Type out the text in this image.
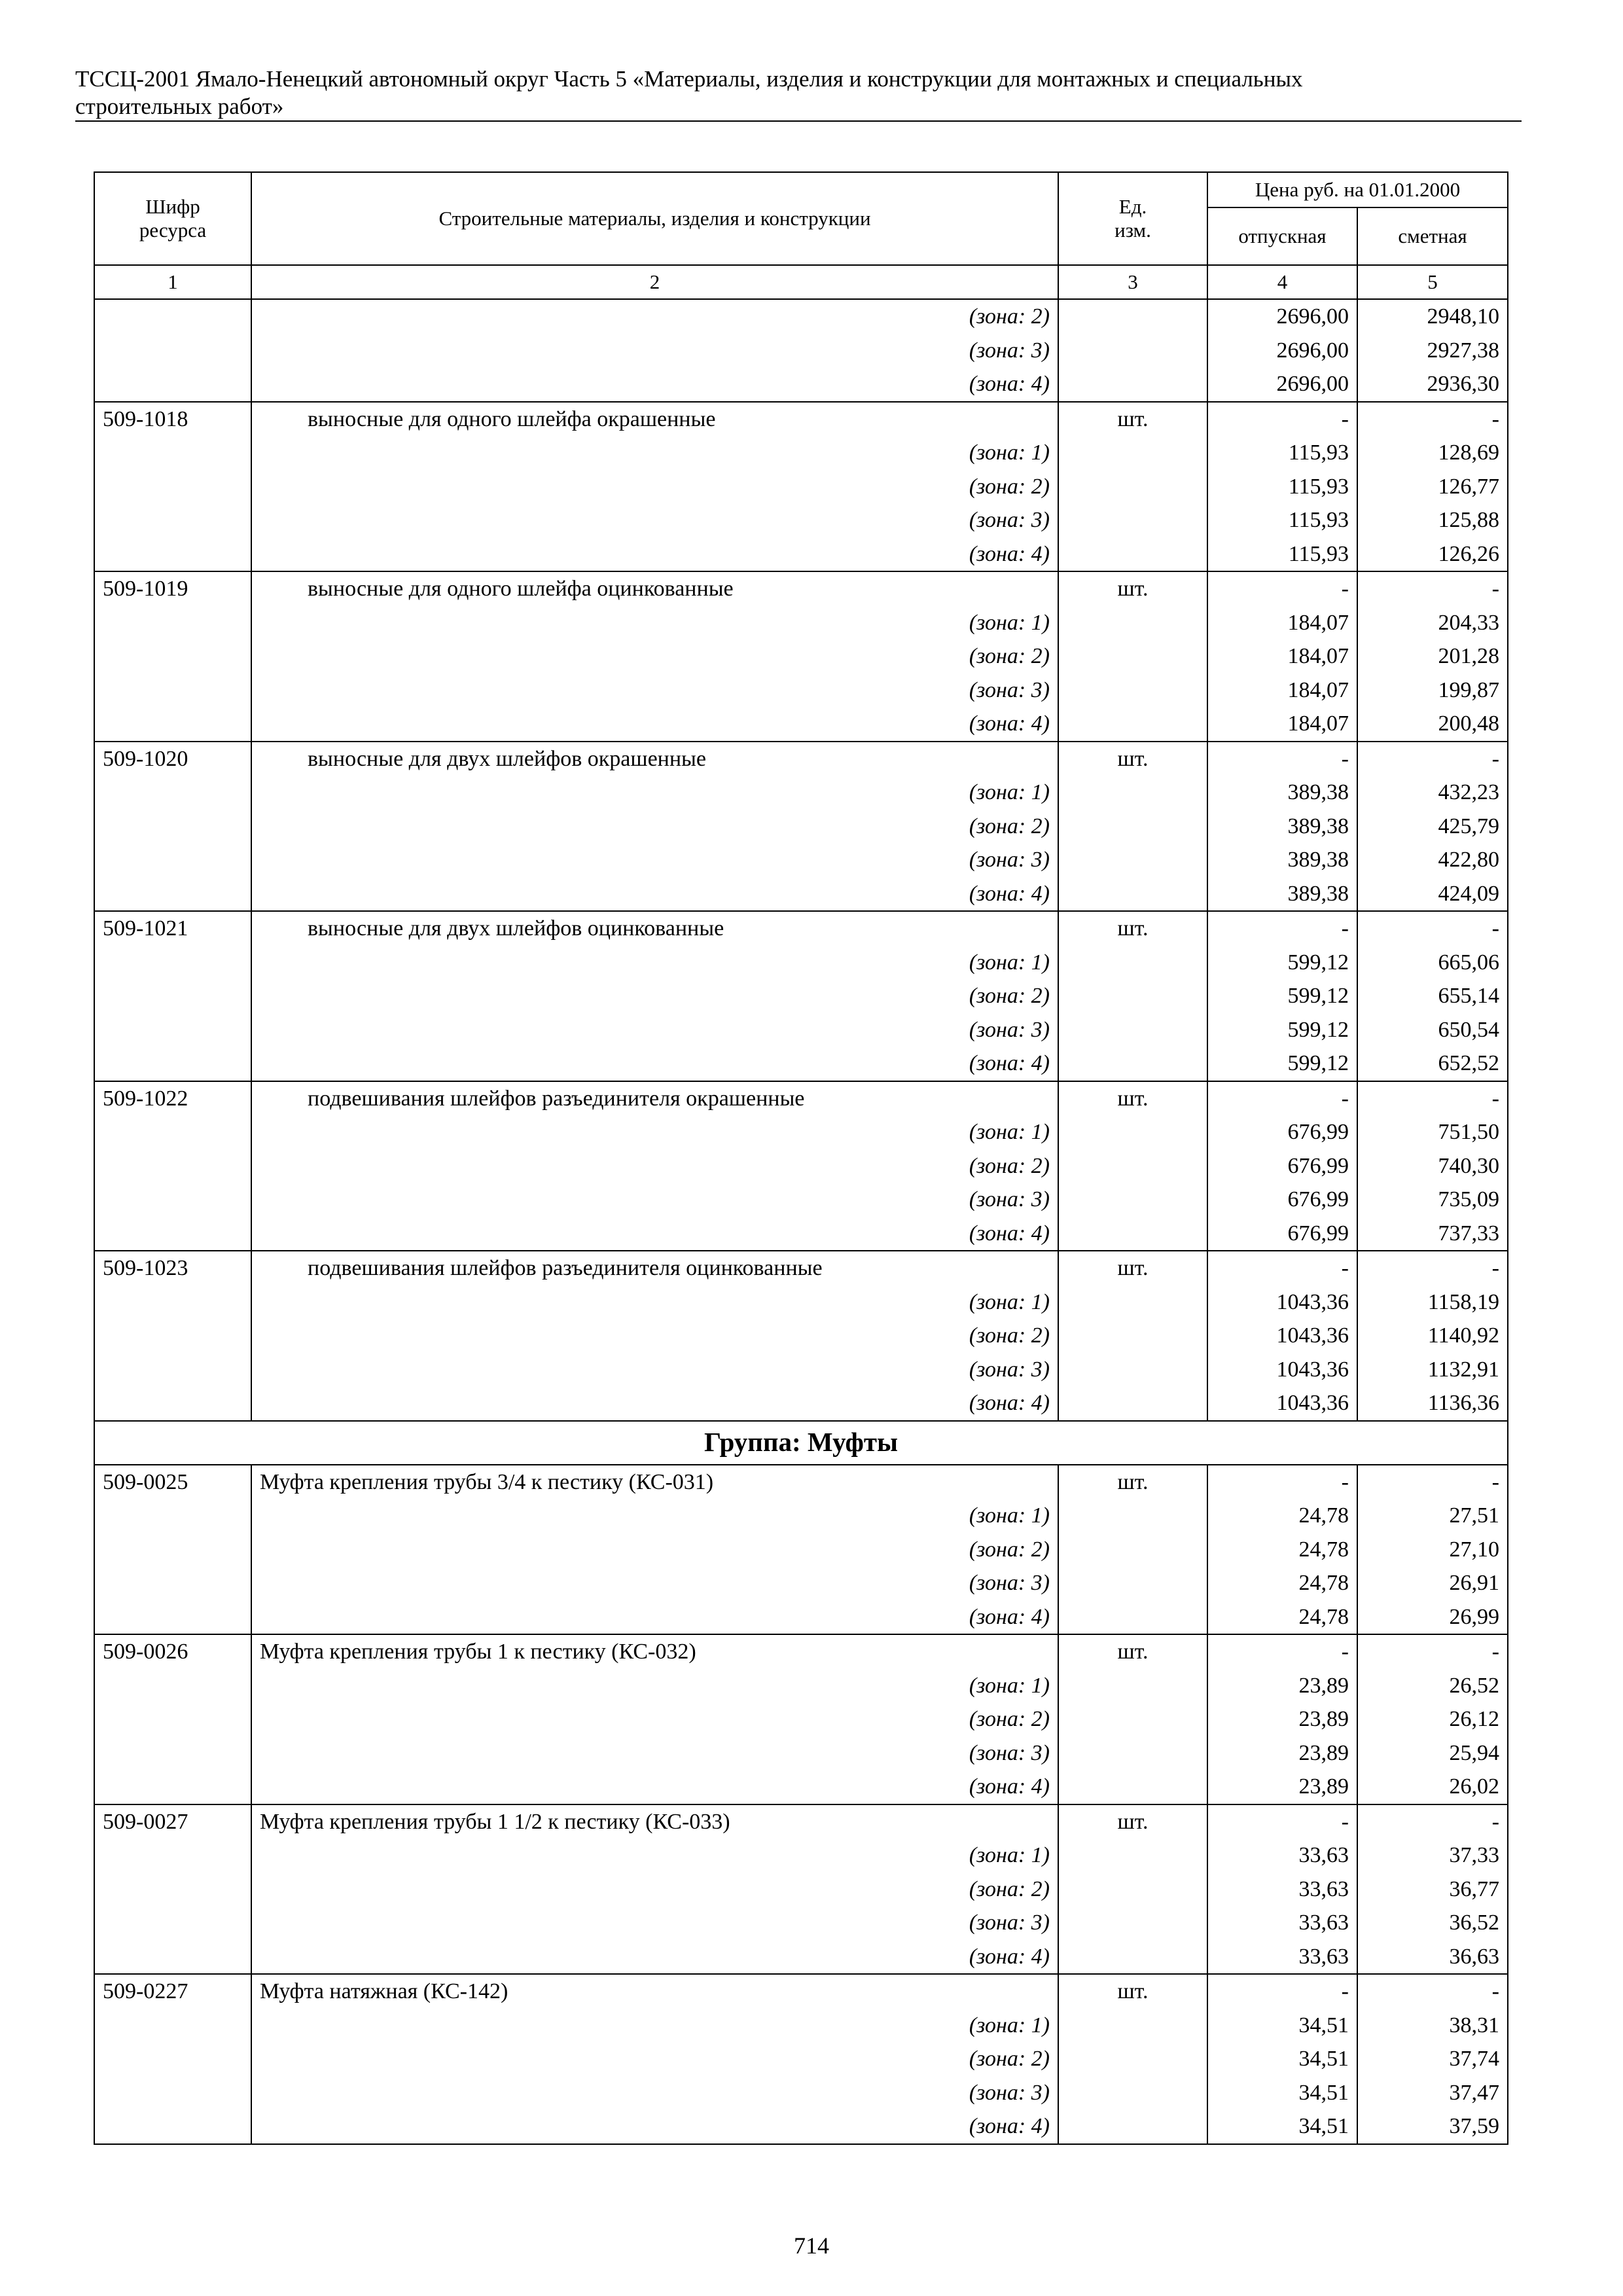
ТССЦ-2001 Ямало-Ненецкий автономный округ Часть 5 «Материалы, изделия и конструкции для монтажных и специальных
строительных работ»
Шифр ресурса	Строительные материалы, изделия и конструкции	Ед. изм.	Цена руб. на 01.01.2000	
			отпускная	сметная
1	2	3	4	5
	(зона: 2)		2696,00	2948,10
	(зона: 3)		2696,00	2927,38
	(зона: 4)		2696,00	2936,30
509-1018	выносные для одного шлейфа окрашенные	шт.	-	-
	(зона: 1)		115,93	128,69
	(зона: 2)		115,93	126,77
	(зона: 3)		115,93	125,88
	(зона: 4)		115,93	126,26
509-1019	выносные для одного шлейфа оцинкованные	шт.	-	-
	(зона: 1)		184,07	204,33
	(зона: 2)		184,07	201,28
	(зона: 3)		184,07	199,87
	(зона: 4)		184,07	200,48
509-1020	выносные для двух шлейфов окрашенные	шт.	-	-
	(зона: 1)		389,38	432,23
	(зона: 2)		389,38	425,79
	(зона: 3)		389,38	422,80
	(зона: 4)		389,38	424,09
509-1021	выносные для двух шлейфов оцинкованные	шт.	-	-
	(зона: 1)		599,12	665,06
	(зона: 2)		599,12	655,14
	(зона: 3)		599,12	650,54
	(зона: 4)		599,12	652,52
509-1022	подвешивания шлейфов разъединителя окрашенные	шт.	-	-
	(зона: 1)		676,99	751,50
	(зона: 2)		676,99	740,30
	(зона: 3)		676,99	735,09
	(зона: 4)		676,99	737,33
509-1023	подвешивания шлейфов разъединителя оцинкованные	шт.	-	-
	(зона: 1)		1043,36	1158,19
	(зона: 2)		1043,36	1140,92
	(зона: 3)		1043,36	1132,91
	(зона: 4)		1043,36	1136,36
Группа: Муфты				
509-0025	Муфта крепления трубы 3/4 к пестику (КС-031)	шт.	-	-
	(зона: 1)		24,78	27,51
	(зона: 2)		24,78	27,10
	(зона: 3)		24,78	26,91
	(зона: 4)		24,78	26,99
509-0026	Муфта крепления трубы 1 к пестику (КС-032)	шт.	-	-
	(зона: 1)		23,89	26,52
	(зона: 2)		23,89	26,12
	(зона: 3)		23,89	25,94
	(зона: 4)		23,89	26,02
509-0027	Муфта крепления трубы 1 1/2 к пестику (КС-033)	шт.	-	-
	(зона: 1)		33,63	37,33
	(зона: 2)		33,63	36,77
	(зона: 3)		33,63	36,52
	(зона: 4)		33,63	36,63
509-0227	Муфта натяжная (КС-142)	шт.	-	-
	(зона: 1)		34,51	38,31
	(зона: 2)		34,51	37,74
	(зона: 3)		34,51	37,47
	(зона: 4)		34,51	37,59
714
